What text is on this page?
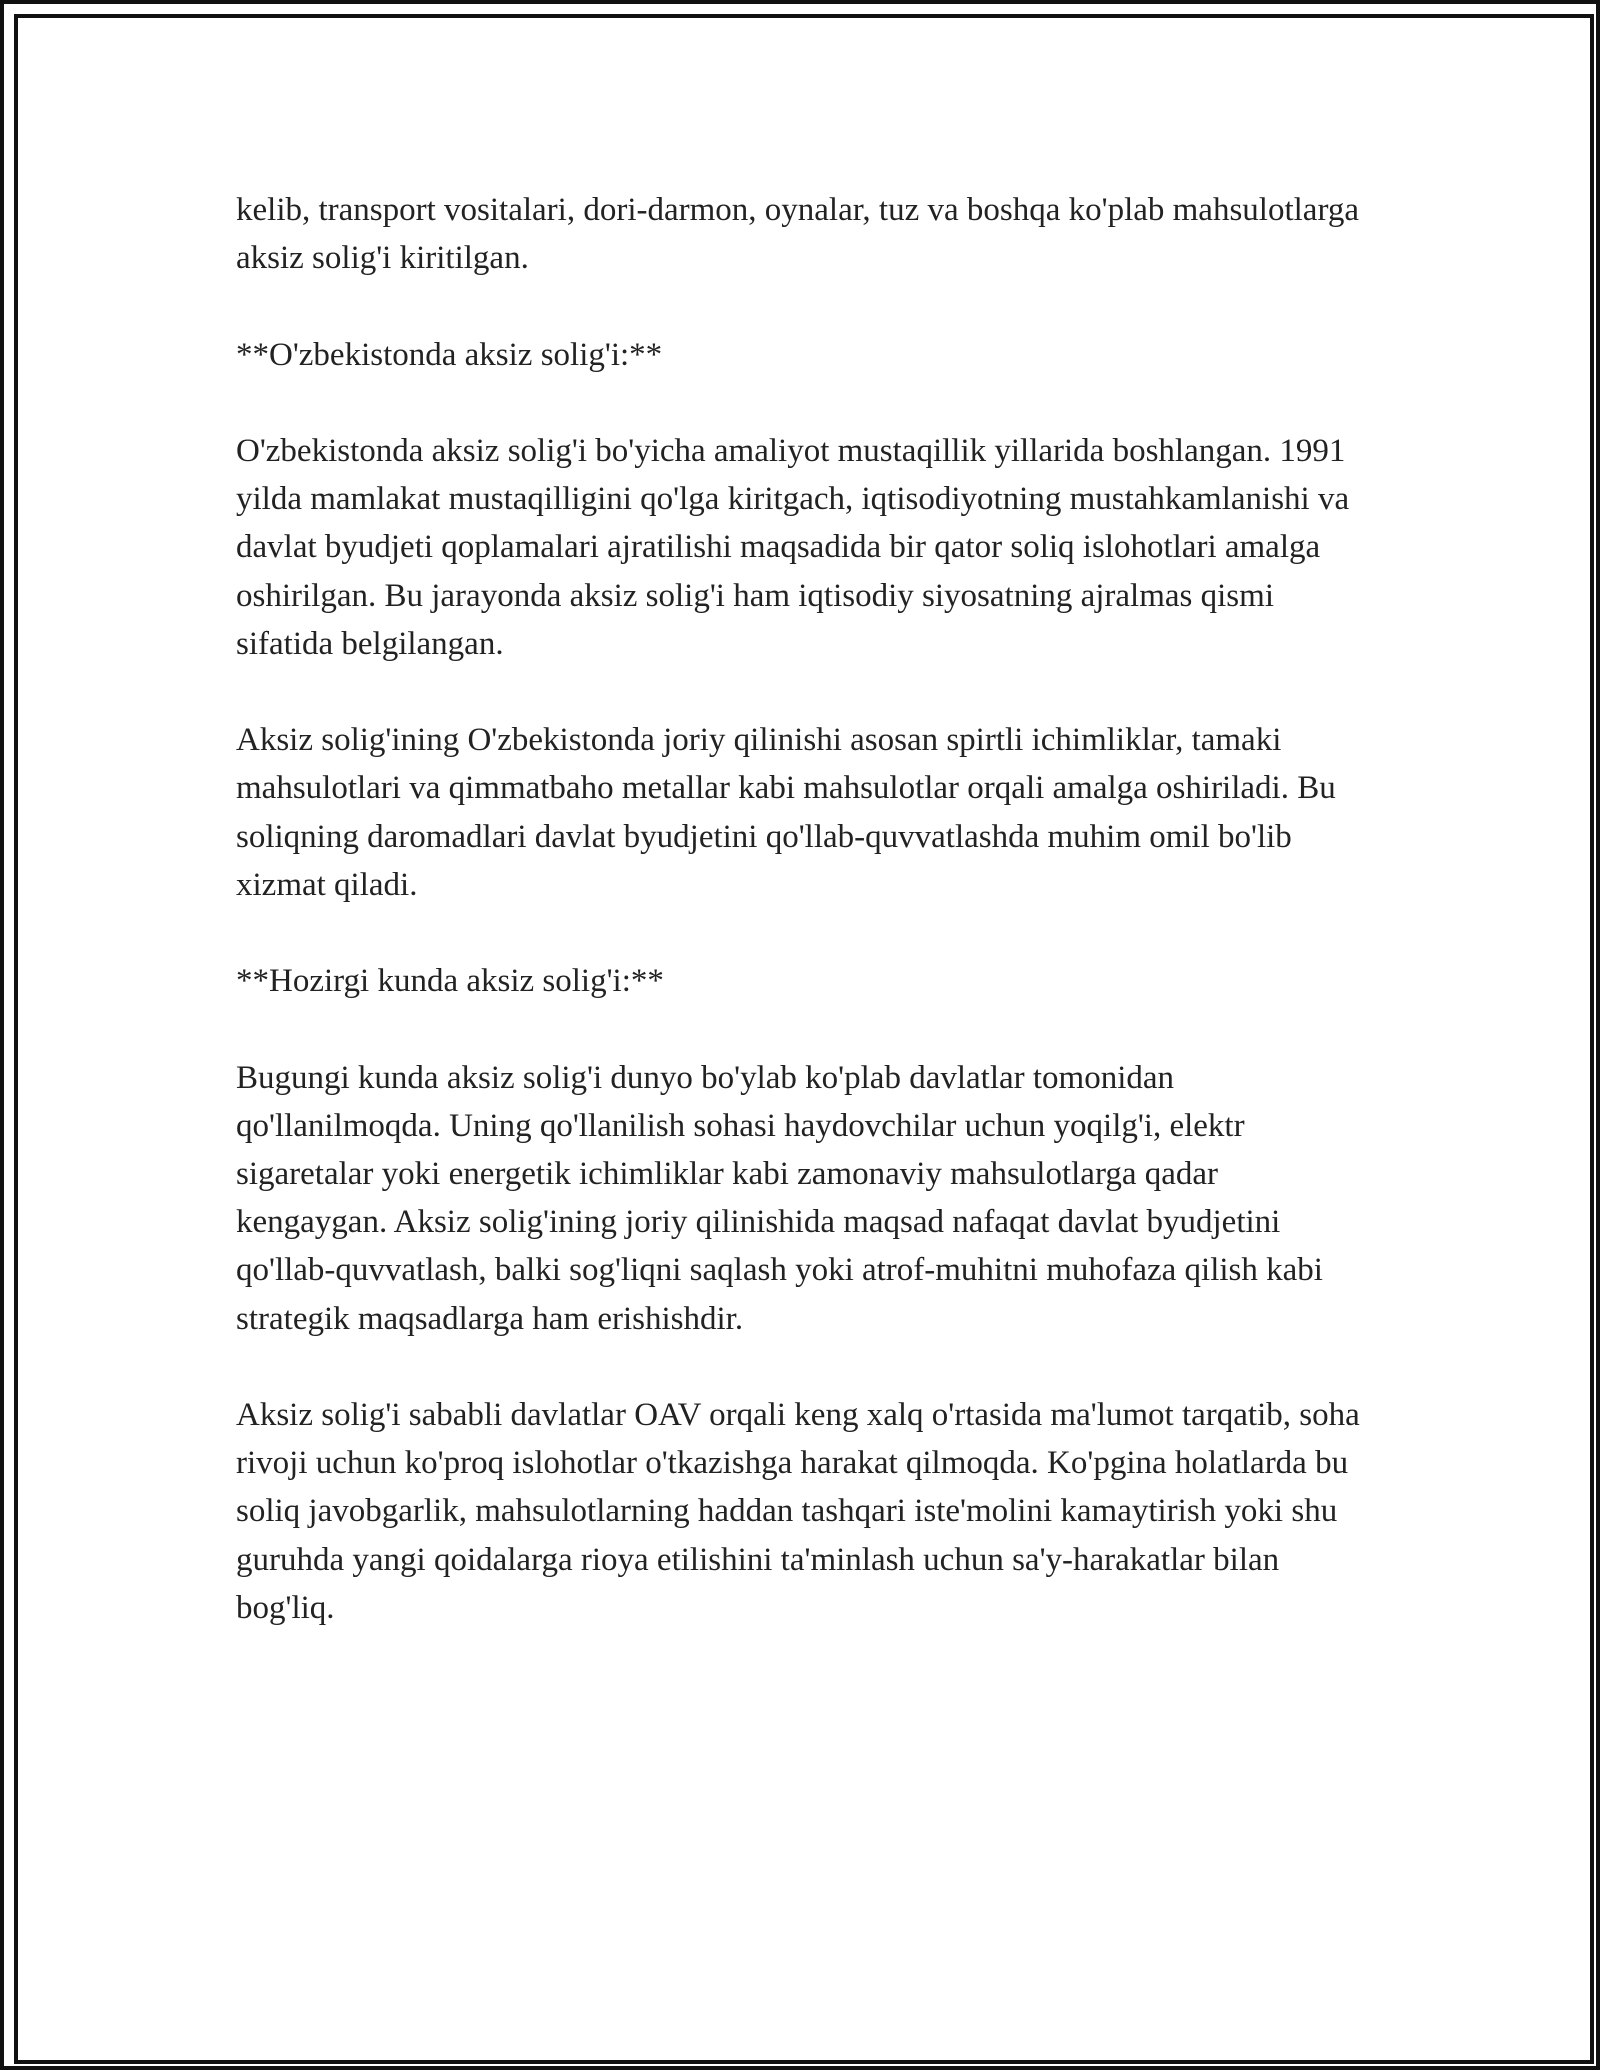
kelib, transport vositalari, dori-darmon, oynalar, tuz va boshqa ko'plab mahsulotlarga aksiz solig'i kiritilgan.

**O'zbekistonda aksiz solig'i:**

O'zbekistonda aksiz solig'i bo'yicha amaliyot mustaqillik yillarida boshlangan. 1991 yilda mamlakat mustaqilligini qo'lga kiritgach, iqtisodiyotning mustahkamlanishi va davlat byudjeti qoplamalari ajratilishi maqsadida bir qator soliq islohotlari amalga oshirilgan. Bu jarayonda aksiz solig'i ham iqtisodiy siyosatning ajralmas qismi sifatida belgilangan.

Aksiz solig'ining O'zbekistonda joriy qilinishi asosan spirtli ichimliklar, tamaki mahsulotlari va qimmatbaho metallar kabi mahsulotlar orqali amalga oshiriladi. Bu soliqning daromadlari davlat byudjetini qo'llab-quvvatlashda muhim omil bo'lib xizmat qiladi.

**Hozirgi kunda aksiz solig'i:**

Bugungi kunda aksiz solig'i dunyo bo'ylab ko'plab davlatlar tomonidan qo'llanilmoqda. Uning qo'llanilish sohasi haydovchilar uchun yoqilg'i, elektr sigaretalar yoki energetik ichimliklar kabi zamonaviy mahsulotlarga qadar kengaygan. Aksiz solig'ining joriy qilinishida maqsad nafaqat davlat byudjetini qo'llab-quvvatlash, balki sog'liqni saqlash yoki atrof-muhitni muhofaza qilish kabi strategik maqsadlarga ham erishishdir.

Aksiz solig'i sababli davlatlar OAV orqali keng xalq o'rtasida ma'lumot tarqatib, soha rivoji uchun ko'proq islohotlar o'tkazishga harakat qilmoqda. Ko'pgina holatlarda bu soliq javobgarlik, mahsulotlarning haddan tashqari iste'molini kamaytirish yoki shu guruhda yangi qoidalarga rioya etilishini ta'minlash uchun sa'y-harakatlar bilan bog'liq.
